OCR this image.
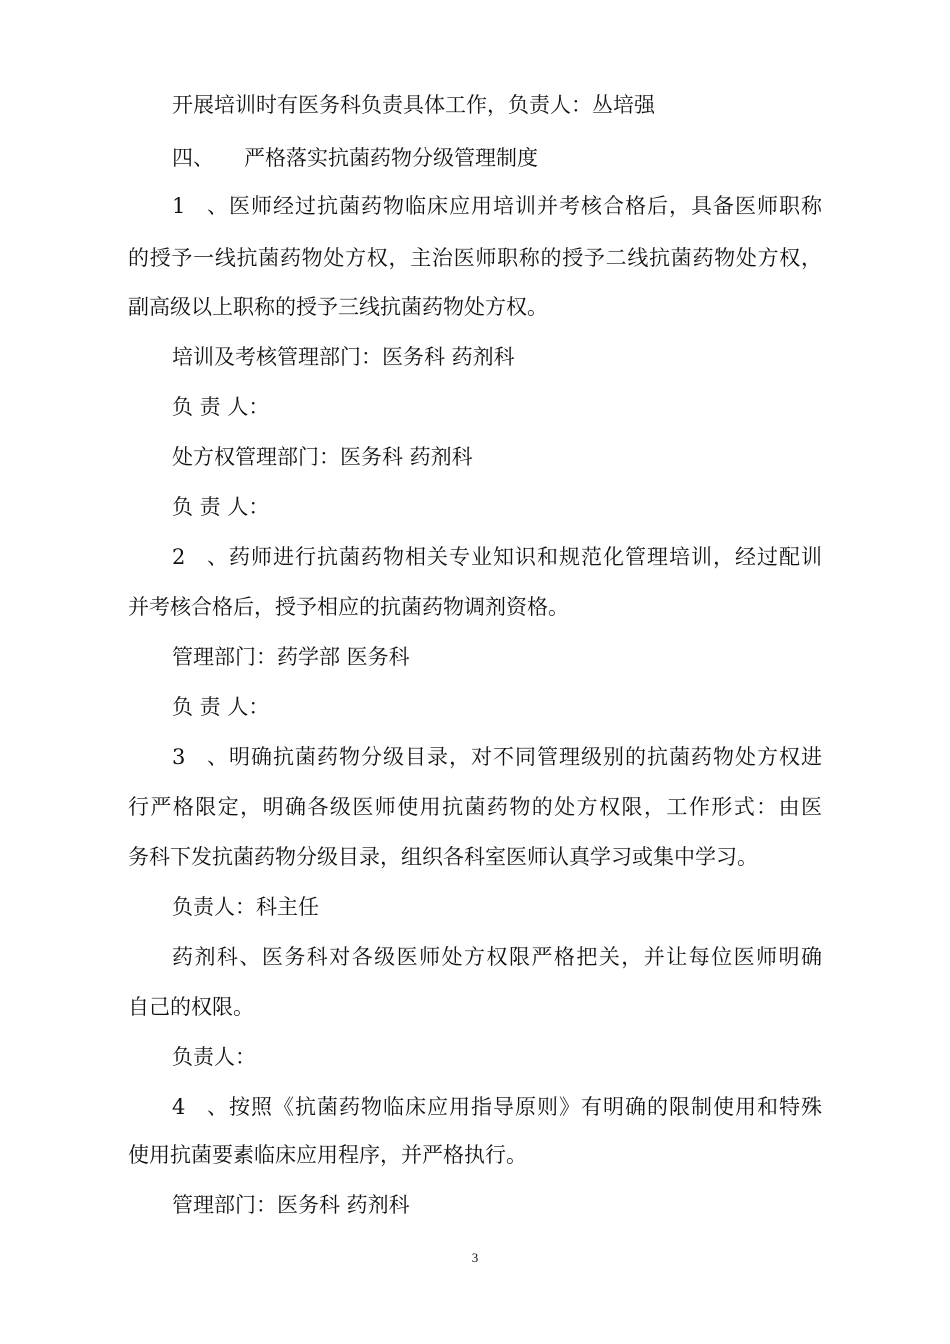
开展培训时有医务科负责具体工作，负责人：丛培强
四、 严格落实抗菌药物分级管理制度
1、医师经过抗菌药物临床应用培训并考核合格后，具备医师职称
的授予一线抗菌药物处方权，主治医师职称的授予二线抗菌药物处方权，
副高级以上职称的授予三线抗菌药物处方权。
培训及考核管理部门：医务科 药剂科
负 责 人：
处方权管理部门：医务科 药剂科
负 责 人：
2、药师进行抗菌药物相关专业知识和规范化管理培训，经过配训
并考核合格后，授予相应的抗菌药物调剂资格。
管理部门：药学部 医务科
负 责 人：
3、明确抗菌药物分级目录，对不同管理级别的抗菌药物处方权进
行严格限定，明确各级医师使用抗菌药物的处方权限，工作形式：由医
务科下发抗菌药物分级目录，组织各科室医师认真学习或集中学习。
负责人：科主任
药剂科、医务科对各级医师处方权限严格把关，并让每位医师明确
自己的权限。
负责人：
4、按照《抗菌药物临床应用指导原则》有明确的限制使用和特殊
使用抗菌要素临床应用程序，并严格执行。
管理部门：医务科 药剂科
3
